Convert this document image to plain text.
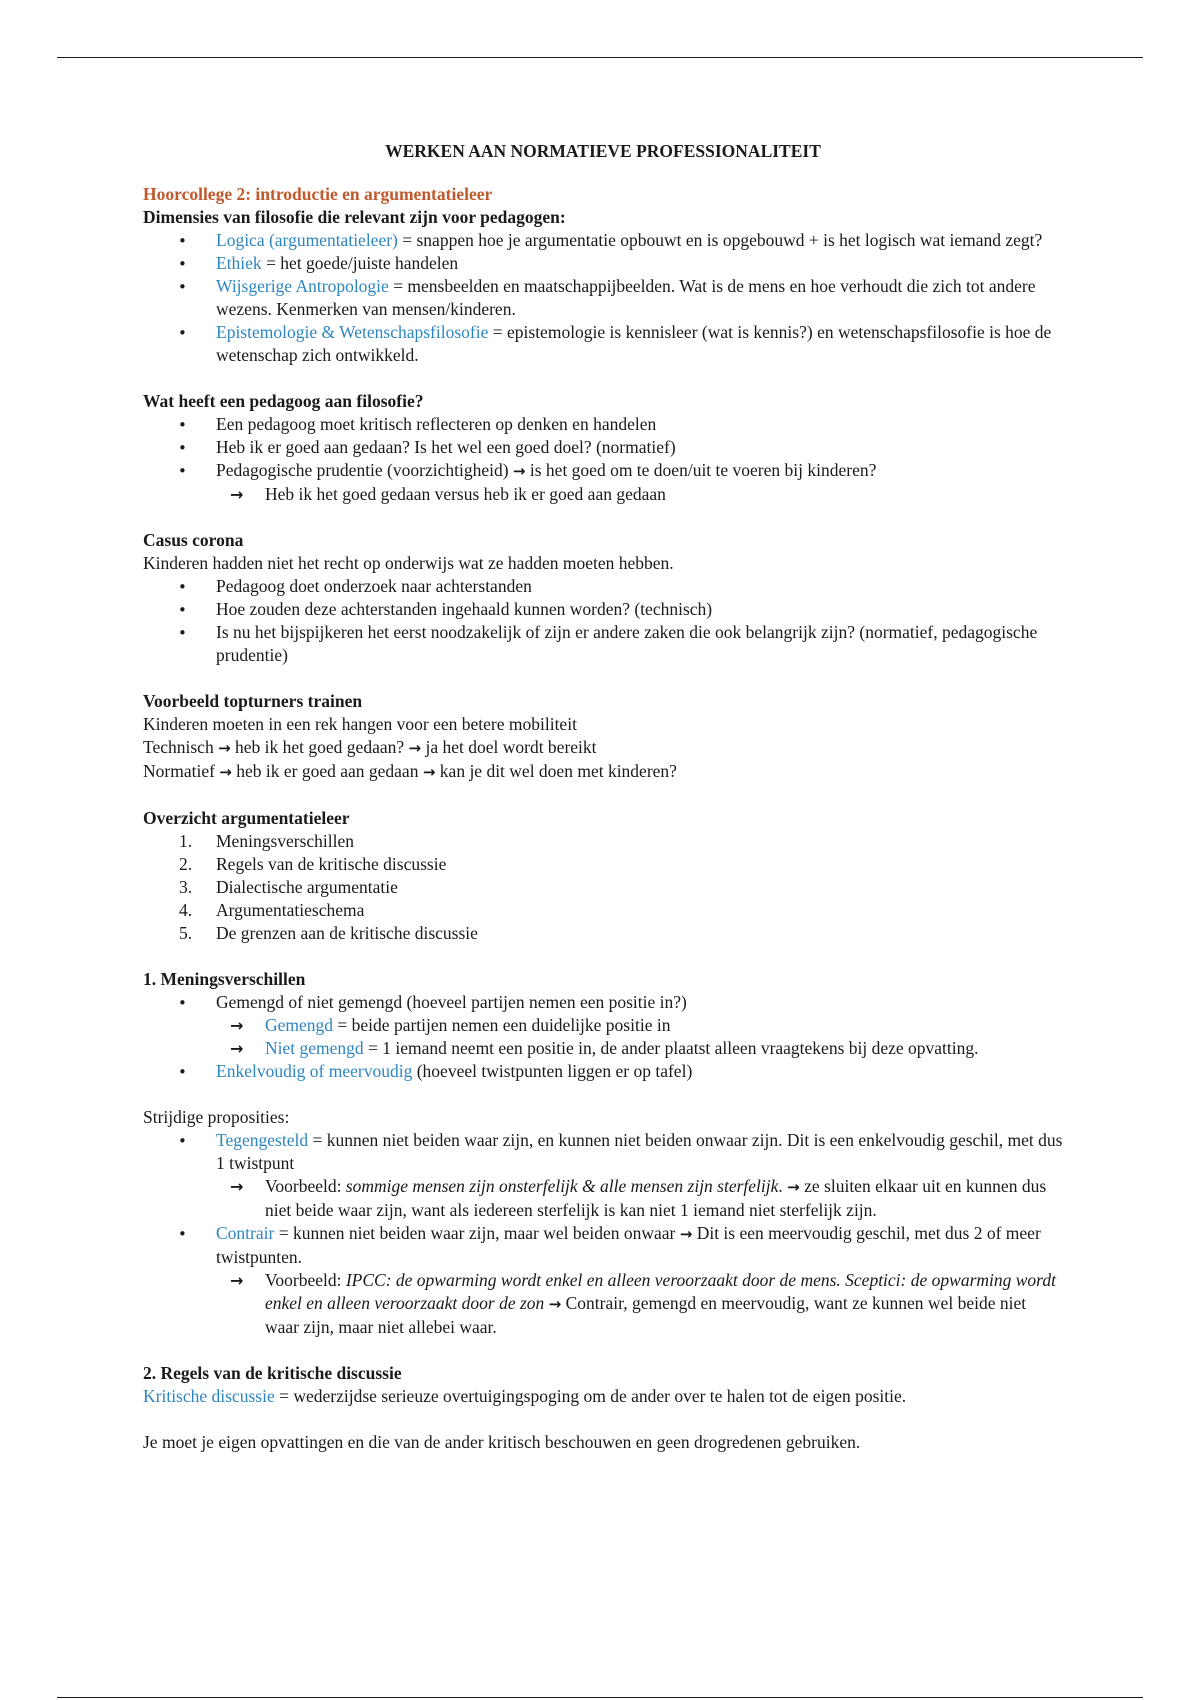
WERKEN AAN NORMATIEVE PROFESSIONALITEIT
Hoorcollege 2: introductie en argumentatieleer
Dimensies van filosofie die relevant zijn voor pedagogen:
•
Logica (argumentatieleer) = snappen hoe je argumentatie opbouwt en is opgebouwd + is het logisch wat iemand zegt?
•
Ethiek = het goede/juiste handelen
•
Wijsgerige Antropologie = mensbeelden en maatschappijbeelden. Wat is de mens en hoe verhoudt die zich tot andere wezens. Kenmerken van mensen/kinderen.
•
Epistemologie & Wetenschapsfilosofie = epistemologie is kennisleer (wat is kennis?) en wetenschapsfilosofie is hoe de wetenschap zich ontwikkeld.
Wat heeft een pedagoog aan filosofie?
•
Een pedagoog moet kritisch reflecteren op denken en handelen
•
Heb ik er goed aan gedaan? Is het wel een goed doel? (normatief)
•
Pedagogische prudentie (voorzichtigheid) → is het goed om te doen/uit te voeren bij kinderen?
→ Heb ik het goed gedaan versus heb ik er goed aan gedaan
Casus corona
Kinderen hadden niet het recht op onderwijs wat ze hadden moeten hebben.
•
Pedagoog doet onderzoek naar achterstanden
•
Hoe zouden deze achterstanden ingehaald kunnen worden? (technisch)
•
Is nu het bijspijkeren het eerst noodzakelijk of zijn er andere zaken die ook belangrijk zijn? (normatief, pedagogische prudentie)
Voorbeeld topturners trainen
Kinderen moeten in een rek hangen voor een betere mobiliteit
Technisch → heb ik het goed gedaan? → ja het doel wordt bereikt
Normatief → heb ik er goed aan gedaan → kan je dit wel doen met kinderen?
Overzicht argumentatieleer
1. Meningsverschillen
2. Regels van de kritische discussie
3. Dialectische argumentatie
4. Argumentatieschema
5. De grenzen aan de kritische discussie
1. Meningsverschillen
•
Gemengd of niet gemengd (hoeveel partijen nemen een positie in?)
→ Gemengd = beide partijen nemen een duidelijke positie in
→ Niet gemengd = 1 iemand neemt een positie in, de ander plaatst alleen vraagtekens bij deze opvatting.
•
Enkelvoudig of meervoudig (hoeveel twistpunten liggen er op tafel)
Strijdige proposities:
•
Tegengesteld = kunnen niet beiden waar zijn, en kunnen niet beiden onwaar zijn. Dit is een enkelvoudig geschil, met dus 1 twistpunt
→ Voorbeeld: sommige mensen zijn onsterfelijk & alle mensen zijn sterfelijk. → ze sluiten elkaar uit en kunnen dus niet beide waar zijn, want als iedereen sterfelijk is kan niet 1 iemand niet sterfelijk zijn.
•
Contrair = kunnen niet beiden waar zijn, maar wel beiden onwaar → Dit is een meervoudig geschil, met dus 2 of meer twistpunten.
→ Voorbeeld: IPCC: de opwarming wordt enkel en alleen veroorzaakt door de mens. Sceptici: de opwarming wordt enkel en alleen veroorzaakt door de zon → Contrair, gemengd en meervoudig, want ze kunnen wel beide niet waar zijn, maar niet allebei waar.
2. Regels van de kritische discussie
Kritische discussie = wederzijdse serieuze overtuigingspoging om de ander over te halen tot de eigen positie.
Je moet je eigen opvattingen en die van de ander kritisch beschouwen en geen drogredenen gebruiken.
